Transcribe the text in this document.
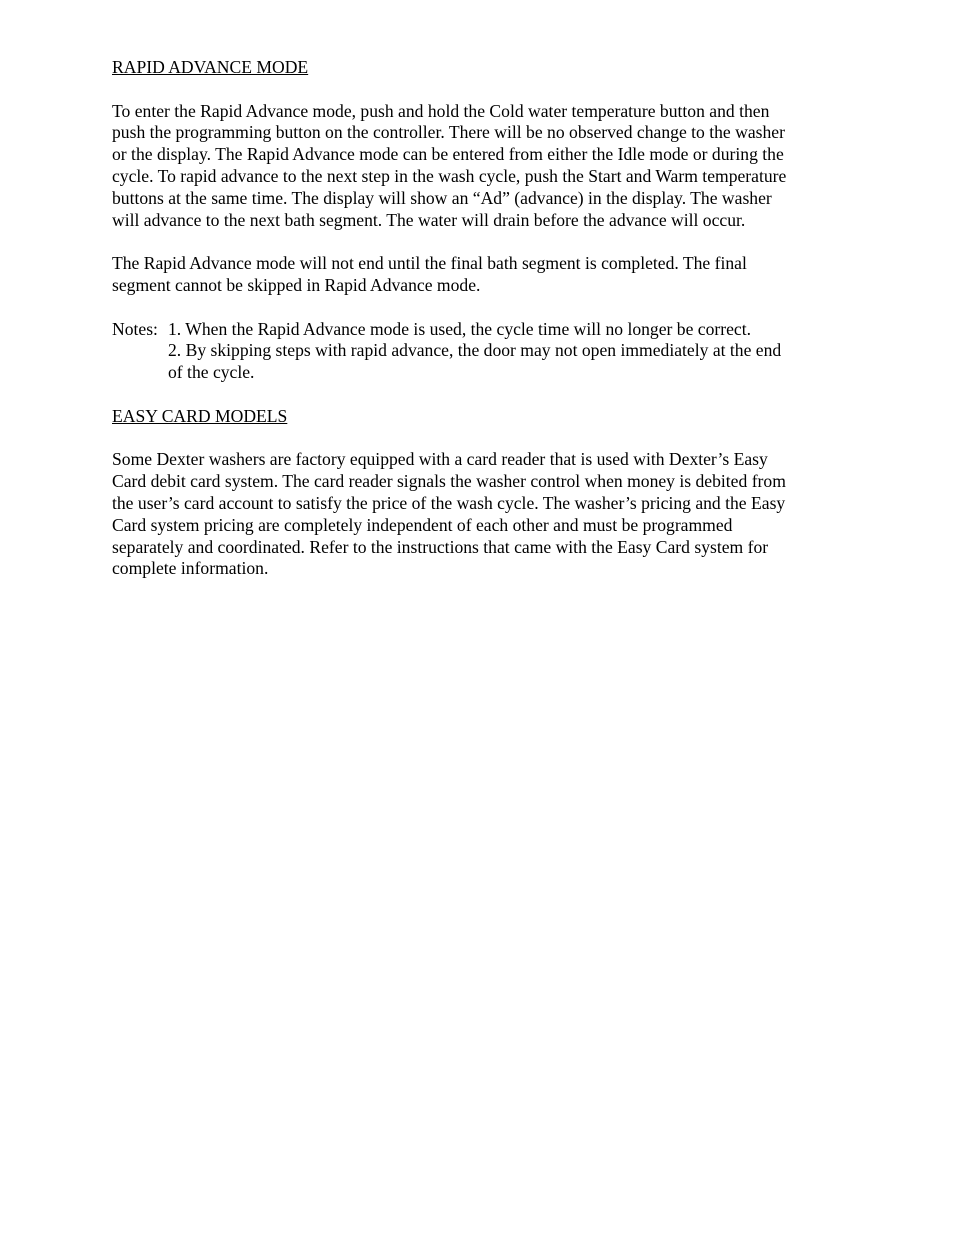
RAPID ADVANCE MODE

To enter the Rapid Advance mode, push and hold the Cold water temperature button and then
push the programming button on the controller. There will be no observed change to the washer
or the display. The Rapid Advance mode can be entered from either the Idle mode or during the
cycle. To rapid advance to the next step in the wash cycle, push the Start and Warm temperature
buttons at the same time. The display will show an “Ad” (advance) in the display. The washer
will advance to the next bath segment. The water will drain before the advance will occur.

The Rapid Advance mode will not end until the final bath segment is completed. The final
segment cannot be skipped in Rapid Advance mode.

Notes: 1. When the Rapid Advance mode is used, the cycle time will no longer be correct.
2. By skipping steps with rapid advance, the door may not open immediately at the end
of the cycle.

EASY CARD MODELS

Some Dexter washers are factory equipped with a card reader that is used with Dexter’s Easy
Card debit card system. The card reader signals the washer control when money is debited from
the user’s card account to satisfy the price of the wash cycle. The washer’s pricing and the Easy
Card system pricing are completely independent of each other and must be programmed
separately and coordinated. Refer to the instructions that came with the Easy Card system for
complete information.
